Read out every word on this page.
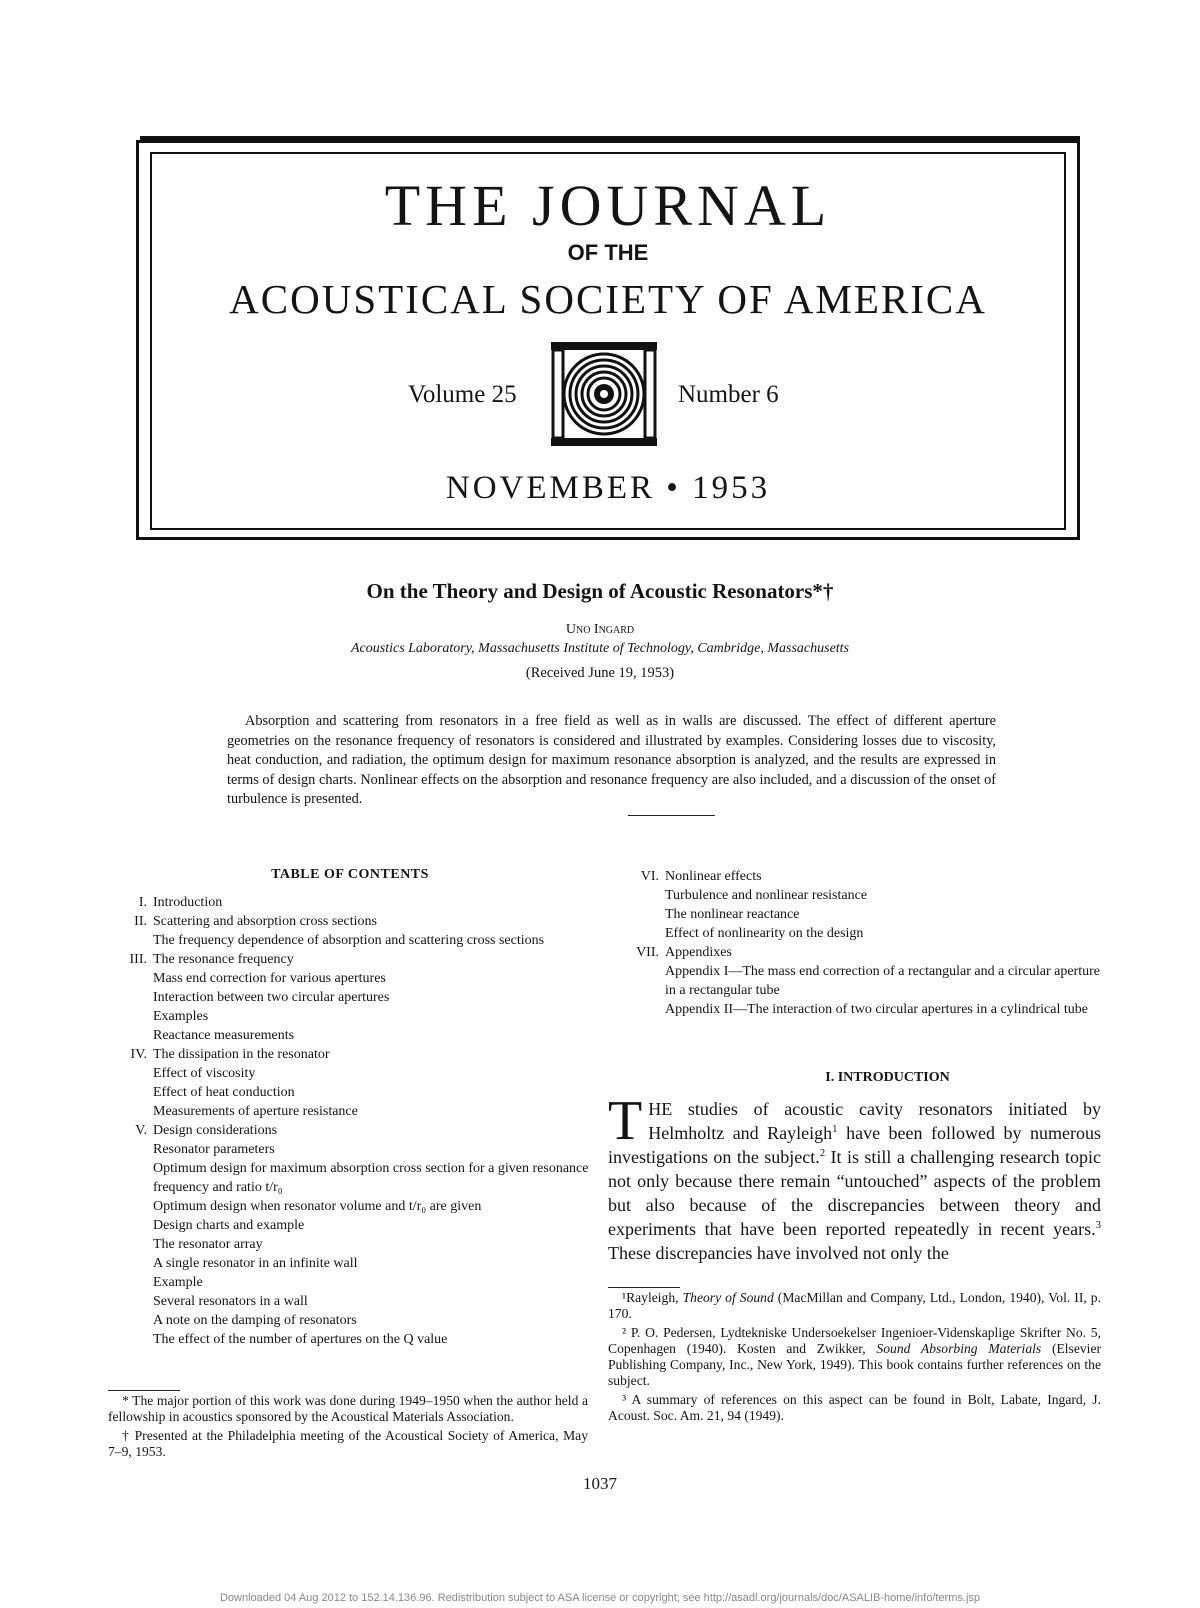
THE JOURNAL
OF THE
ACOUSTICAL SOCIETY OF AMERICA
Volume 25	Number 6
NOVEMBER • 1953
On the Theory and Design of Acoustic Resonators*†
Uno Ingard
Acoustics Laboratory, Massachusetts Institute of Technology, Cambridge, Massachusetts
(Received June 19, 1953)
Absorption and scattering from resonators in a free field as well as in walls are discussed. The effect of different aperture geometries on the resonance frequency of resonators is considered and illustrated by examples. Considering losses due to viscosity, heat conduction, and radiation, the optimum design for maximum resonance absorption is analyzed, and the results are expressed in terms of design charts. Nonlinear effects on the absorption and resonance frequency are also included, and a discussion of the onset of turbulence is presented.
TABLE OF CONTENTS
I. Introduction
II. Scattering and absorption cross sections
The frequency dependence of absorption and scattering cross sections
III. The resonance frequency
Mass end correction for various apertures
Interaction between two circular apertures
Examples
Reactance measurements
IV. The dissipation in the resonator
Effect of viscosity
Effect of heat conduction
Measurements of aperture resistance
V. Design considerations
Resonator parameters
Optimum design for maximum absorption cross section for a given resonance frequency and ratio t/r₀
Optimum design when resonator volume and t/r₀ are given
Design charts and example
The resonator array
A single resonator in an infinite wall
Example
Several resonators in a wall
A note on the damping of resonators
The effect of the number of apertures on the Q value
VI. Nonlinear effects
Turbulence and nonlinear resistance
The nonlinear reactance
Effect of nonlinearity on the design
VII. Appendixes
Appendix I—The mass end correction of a rectangular and a circular aperture in a rectangular tube
Appendix II—The interaction of two circular apertures in a cylindrical tube
I. INTRODUCTION
THE studies of acoustic cavity resonators initiated by Helmholtz and Rayleigh$^1$ have been followed by numerous investigations on the subject.$^2$ It is still a challenging research topic not only because there remain “untouched” aspects of the problem but also because of the discrepancies between theory and experiments that have been reported repeatedly in recent years.$^3$ These discrepancies have involved not only the

¹Rayleigh, Theory of Sound (MacMillan and Company, Ltd., London, 1940), Vol. II, p. 170.

² P. O. Pedersen, Lydtekniske Undersoekelser Ingenioer-Videnskaplige Skrifter No. 5, Copenhagen (1940). Kosten and Zwikker, Sound Absorbing Materials (Elsevier Publishing Company, Inc., New York, 1949). This book contains further references on the subject.

³ A summary of references on this aspect can be found in Bolt, Labate, Ingard, J. Acoust. Soc. Am. 21, 94 (1949).

* The major portion of this work was done during 1949–1950 when the author held a fellowship in acoustics sponsored by the Acoustical Materials Association.

† Presented at the Philadelphia meeting of the Acoustical Society of America, May 7–9, 1953.

1037
Downloaded 04 Aug 2012 to 152.14.136.96. Redistribution subject to ASA license or copyright; see http://asadl.org/journals/doc/ASALIB-home/info/terms.jsp
